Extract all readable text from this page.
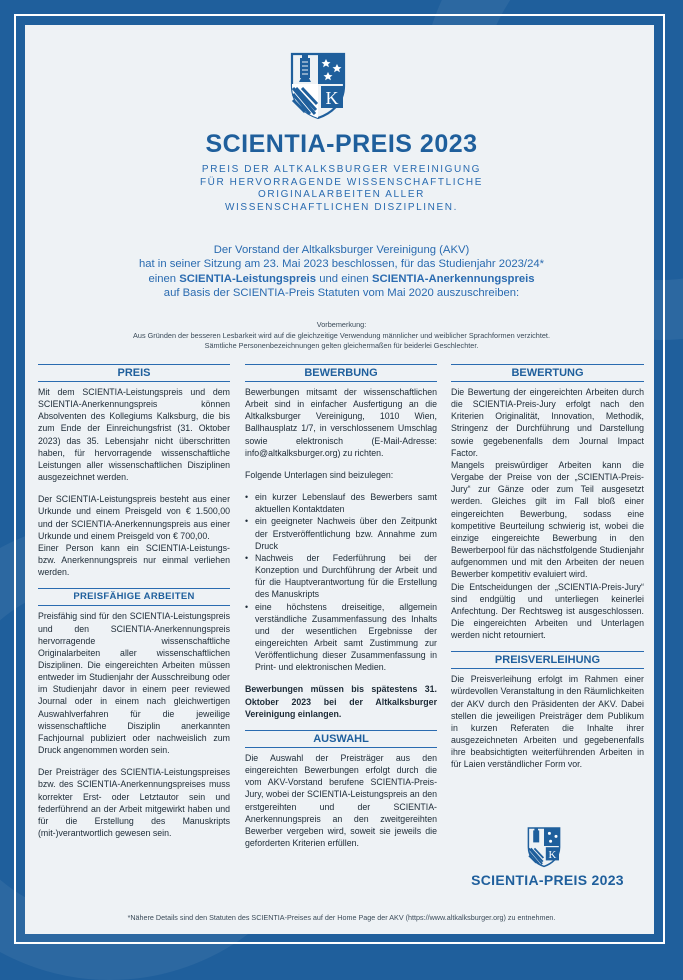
K
SCIENTIA-PREIS 2023
PREIS DER ALTKALKSBURGER VEREINIGUNG
FÜR HERVORRAGENDE WISSENSCHAFTLICHE
ORIGINALARBEITEN ALLER
WISSENSCHAFTLICHEN DISZIPLINEN.
Der Vorstand der Altkalksburger Vereinigung (AKV)
hat in seiner Sitzung am 23. Mai 2023 beschlossen, für das Studienjahr 2023/24*
einen SCIENTIA-Leistungspreis und einen SCIENTIA-Anerkennungspreis
auf Basis der SCIENTIA-Preis Statuten vom Mai 2020 auszuschreiben:
Vorbemerkung:
Aus Gründen der besseren Lesbarkeit wird auf die gleichzeitige Verwendung männlicher und weiblicher Sprachformen verzichtet.
Sämtliche Personenbezeichnungen gelten gleichermaßen für beiderlei Geschlechter.
PREIS

Mit dem SCIENTIA-Leistungspreis und dem SCIENTIA-Anerkennungspreis können Absolventen des Kollegiums Kalksburg, die bis zum Ende der Einreichungsfrist (31. Oktober 2023) das 35. Lebensjahr nicht überschritten haben, für hervorragende wissenschaftliche Leistungen aller wissenschaftlichen Disziplinen ausgezeichnet werden.

Der SCIENTIA-Leistungspreis besteht aus einer Urkunde und einem Preisgeld von € 1.500,00 und der SCIENTIA-Anerkennungspreis aus einer Urkunde und einem Preisgeld von € 700,00.

Einer Person kann ein SCIENTIA-Leistungs- bzw. Anerkennungspreis nur einmal verliehen werden.

PREISFÄHIGE ARBEITEN

Preisfähig sind für den SCIENTIA-Leistungspreis und den SCIENTIA-Anerkennungspreis hervorragende wissenschaftliche Originalarbeiten aller wissenschaftlichen Disziplinen. Die eingereichten Arbeiten müssen entweder im Studienjahr der Ausschreibung oder im Studienjahr davor in einem peer reviewed Journal oder in einem nach gleichwertigen Auswahlverfahren für die jeweilige wissenschaftliche Disziplin anerkannten Fachjournal publiziert oder nachweislich zum Druck angenommen worden sein.

Der Preisträger des SCIENTIA-Leistungspreises bzw. des SCIENTIA-Anerkennungspreises muss korrekter Erst- oder Letztautor sein und federführend an der Arbeit mitgewirkt haben und für die Erstellung des Manuskripts (mit-)verantwortlich gewesen sein.

BEWERBUNG

Bewerbungen mitsamt der wissenschaftlichen Arbeit sind in einfacher Ausfertigung an die Altkalksburger Vereinigung, 1010 Wien, Ballhausplatz 1/7, in verschlossenem Umschlag sowie elektronisch (E-Mail-Adresse: info@altkalksburger.org) zu richten.

Folgende Unterlagen sind beizulegen:

• ein kurzer Lebenslauf des Bewerbers samt aktuellen Kontaktdaten
• ein geeigneter Nachweis über den Zeitpunkt der Erstveröffentlichung bzw. Annahme zum Druck
• Nachweis der Federführung bei der Konzeption und Durchführung der Arbeit und für die Hauptverantwortung für die Erstellung des Manuskripts
• eine höchstens dreiseitige, allgemein verständliche Zusammenfassung des Inhalts und der wesentlichen Ergebnisse der eingereichten Arbeit samt Zustimmung zur Veröffentlichung dieser Zusammenfassung in Print- und elektronischen Medien.

Bewerbungen müssen bis spätestens 31. Oktober 2023 bei der Altkalksburger Vereinigung einlangen.

AUSWAHL

Die Auswahl der Preisträger aus den eingereichten Bewerbungen erfolgt durch die vom AKV-Vorstand berufene SCIENTIA-Preis-Jury, wobei der SCIENTIA-Leistungspreis an den erstgereihten und der SCIENTIA-Anerkennungspreis an den zweitgereihten Bewerber vergeben wird, soweit sie jeweils die geforderten Kriterien erfüllen.

BEWERTUNG

Die Bewertung der eingereichten Arbeiten durch die SCIENTIA-Preis-Jury erfolgt nach den Kriterien Originalität, Innovation, Methodik, Stringenz der Durchführung und Darstellung sowie gegebenenfalls dem Journal Impact Factor.

Mangels preiswürdiger Arbeiten kann die Vergabe der Preise von der „SCIENTIA-Preis-Jury“ zur Gänze oder zum Teil ausgesetzt werden. Gleiches gilt im Fall bloß einer eingereichten Bewerbung, sodass eine kompetitive Beurteilung schwierig ist, wobei die einzige eingereichte Bewerbung in den Bewerberpool für das nächstfolgende Studienjahr aufgenommen und mit den Arbeiten der neuen Bewerber kompetitiv evaluiert wird.

Die Entscheidungen der „SCIENTIA-Preis-Jury“ sind endgültig und unterliegen keinerlei Anfechtung. Der Rechtsweg ist ausgeschlossen. Die eingereichten Arbeiten und Unterlagen werden nicht retourniert.

PREISVERLEIHUNG

Die Preisverleihung erfolgt im Rahmen einer würdevollen Veranstaltung in den Räumlichkeiten der AKV durch den Präsidenten der AKV. Dabei stellen die jeweiligen Preisträger dem Publikum in kurzen Referaten die Inhalte ihrer ausgezeichneten Arbeiten und gegebenenfalls ihre beabsichtigten weiterführenden Arbeiten in für Laien verständlicher Form vor.

K
SCIENTIA-PREIS 2023
*Nähere Details sind den Statuten des SCIENTIA-Preises auf der Home Page der AKV (https://www.altkalksburger.org) zu entnehmen.
